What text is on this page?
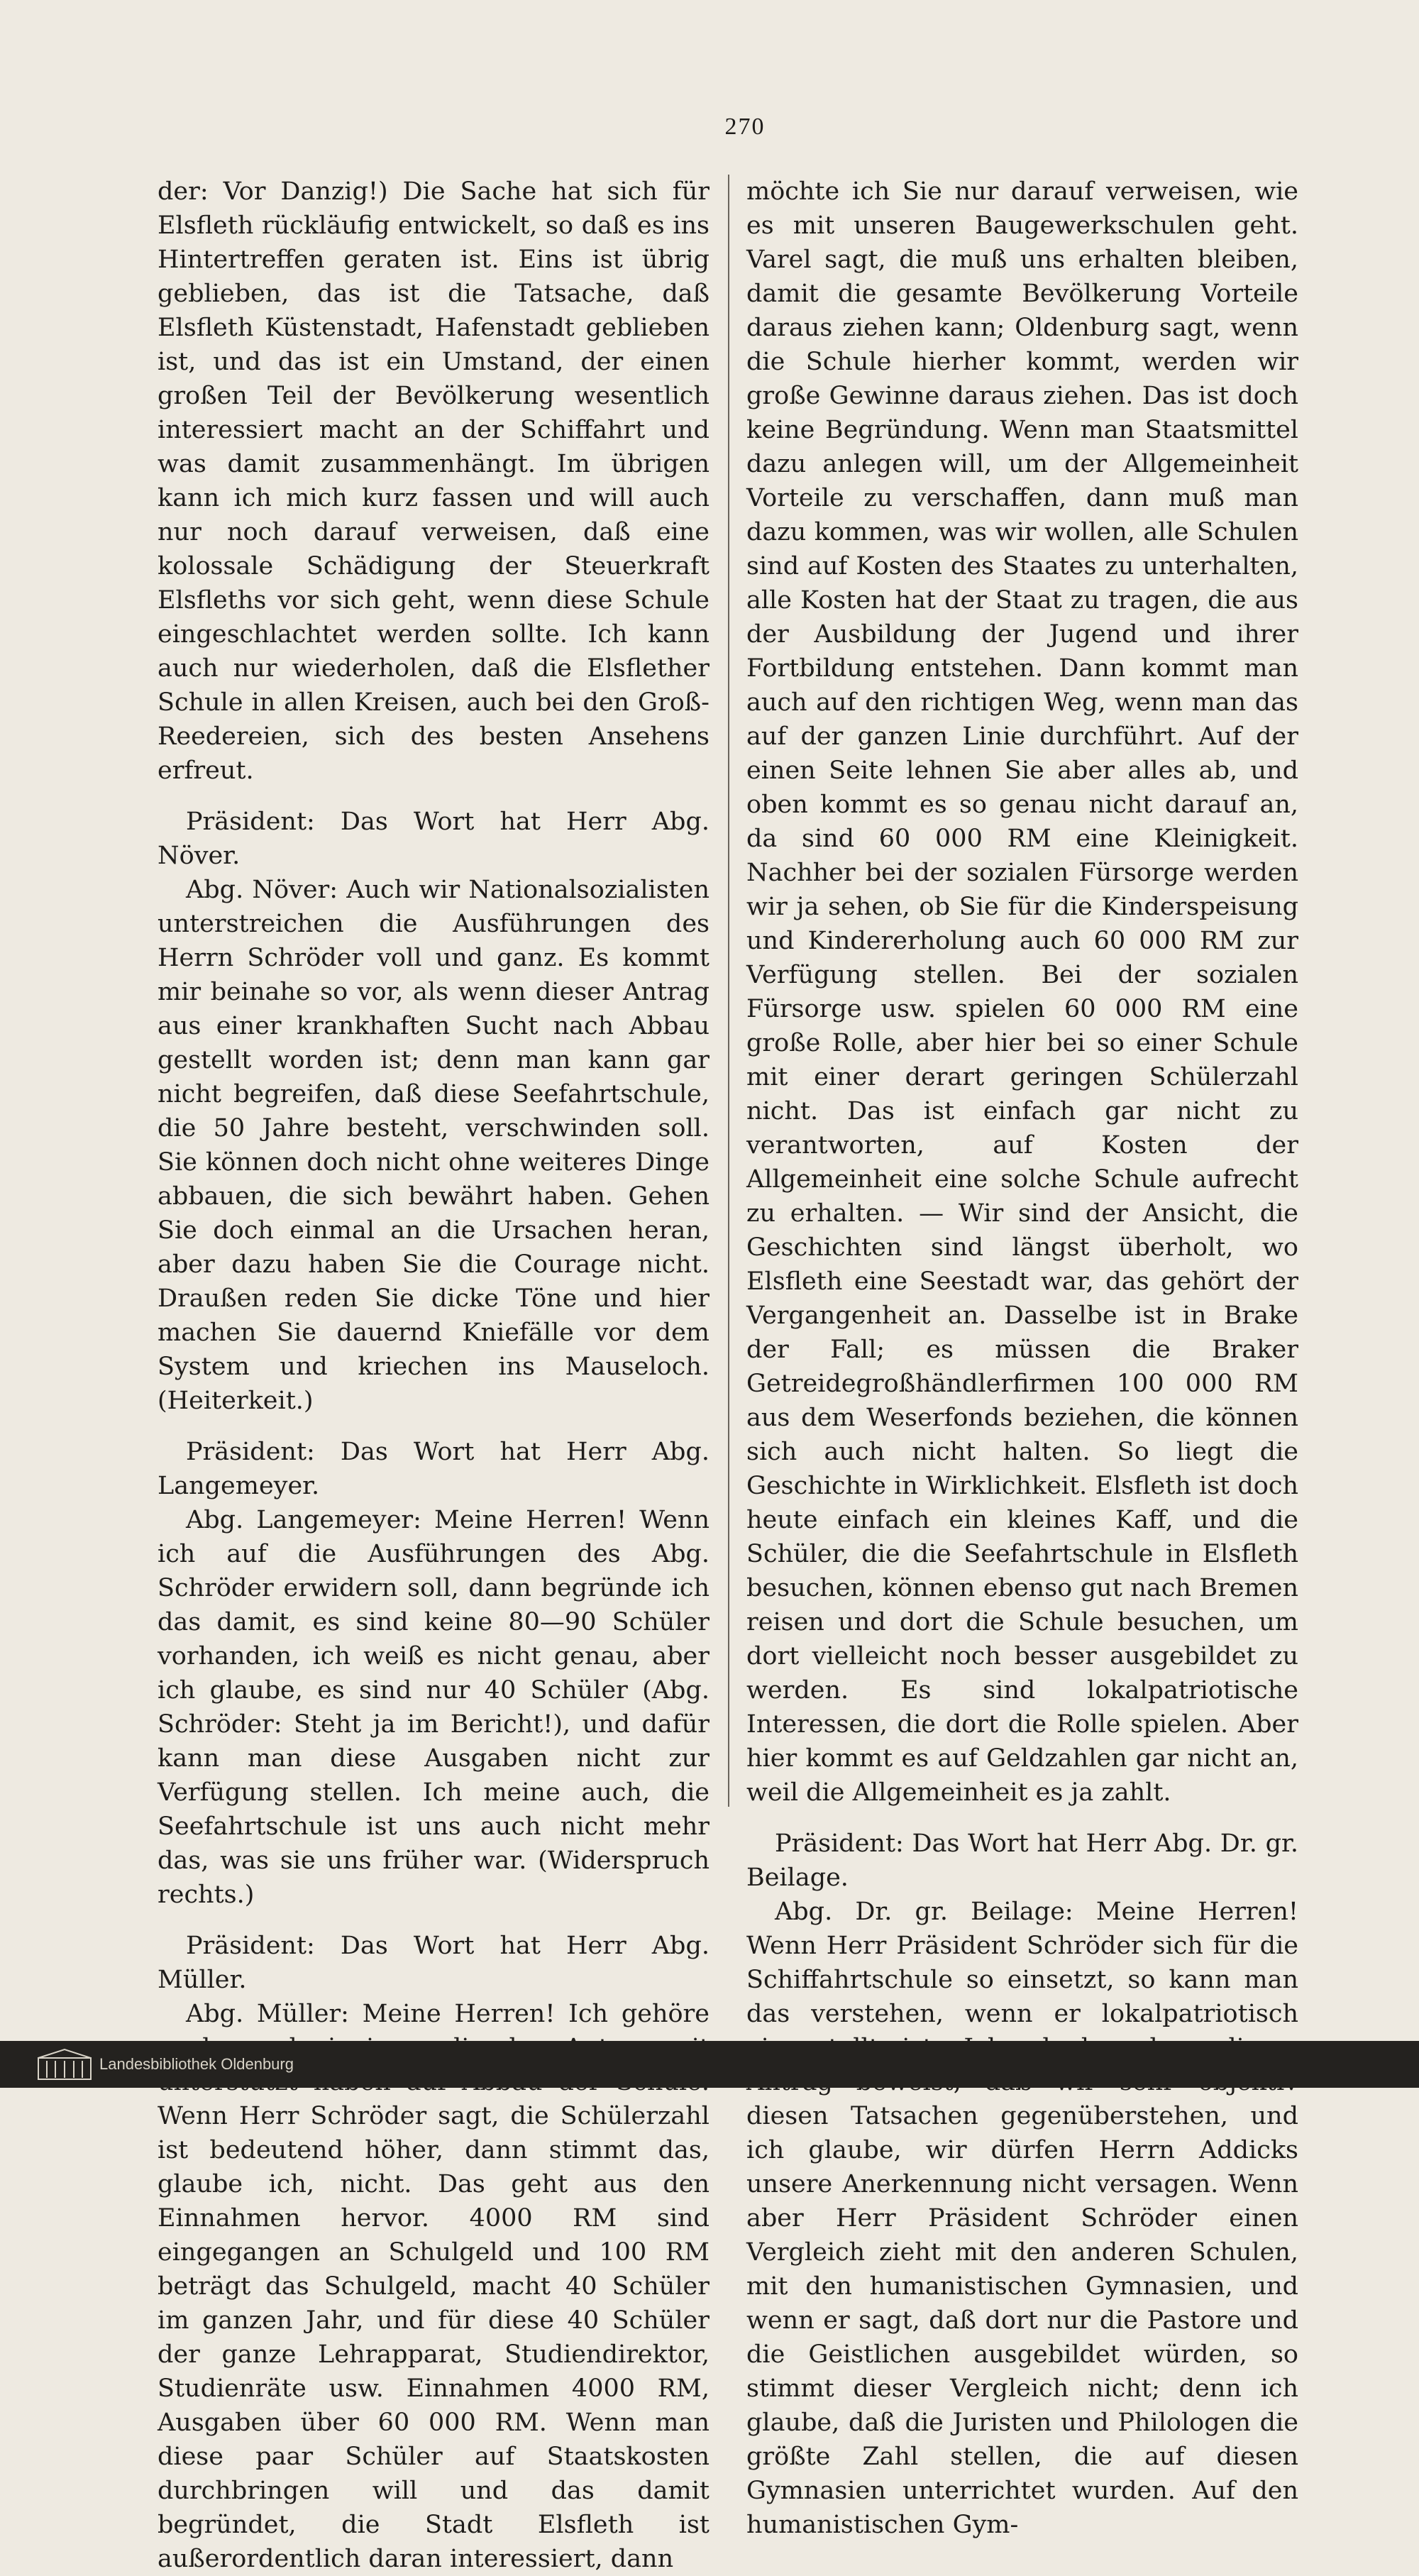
270

der: Vor Danzig!) Die Sache hat sich für Elsfleth rückläufig entwickelt, so daß es ins Hintertreffen geraten ist. Eins ist übrig geblieben, das ist die Tatsache, daß Elsfleth Küstenstadt, Hafenstadt geblieben ist, und das ist ein Umstand, der einen großen Teil der Bevölkerung wesentlich interessiert macht an der Schiffahrt und was damit zusammenhängt. Im übrigen kann ich mich kurz fassen und will auch nur noch darauf verweisen, daß eine kolossale Schädigung der Steuerkraft Elsfleths vor sich geht, wenn diese Schule eingeschlachtet werden sollte. Ich kann auch nur wiederholen, daß die Elsflether Schule in allen Kreisen, auch bei den Groß-Reedereien, sich des besten Ansehens erfreut.

Präsident: Das Wort hat Herr Abg. Növer.

Abg. Növer: Auch wir Nationalsozialisten unterstreichen die Ausführungen des Herrn Schröder voll und ganz. Es kommt mir beinahe so vor, als wenn dieser Antrag aus einer krankhaften Sucht nach Abbau gestellt worden ist; denn man kann gar nicht begreifen, daß diese Seefahrtschule, die 50 Jahre besteht, verschwinden soll. Sie können doch nicht ohne weiteres Dinge abbauen, die sich bewährt haben. Gehen Sie doch einmal an die Ursachen heran, aber dazu haben Sie die Courage nicht. Draußen reden Sie dicke Töne und hier machen Sie dauernd Kniefälle vor dem System und kriechen ins Mauseloch. (Heiterkeit.)

Präsident: Das Wort hat Herr Abg. Langemeyer.

Abg. Langemeyer: Meine Herren! Wenn ich auf die Ausführungen des Abg. Schröder erwidern soll, dann begründe ich das damit, es sind keine 80—90 Schüler vorhanden, ich weiß es nicht genau, aber ich glaube, es sind nur 40 Schüler (Abg. Schröder: Steht ja im Bericht!), und dafür kann man diese Ausgaben nicht zur Verfügung stellen. Ich meine auch, die Seefahrtschule ist uns auch nicht mehr das, was sie uns früher war. (Widerspruch rechts.)

Präsident: Das Wort hat Herr Abg. Müller.

Abg. Müller: Meine Herren! Ich gehöre Wenn Herr Schröder sagt, die Schülerzahl ist bedeutend höher, dann stimmt das, glaube ich, nicht. Das geht aus den Einnahmen hervor. 4000 RM sind eingegangen an Schulgeld und 100 RM beträgt das Schulgeld, macht 40 Schüler im ganzen Jahr, und für diese 40 Schüler der ganze Lehrapparat, Studiendirektor, Studienräte usw. Einnahmen 4000 RM, Ausgaben über 60 000 RM. Wenn man diese paar Schüler auf Staatskosten durchbringen will und das damit begründet, die Stadt Elsfleth ist außerordentlich daran interessiert, dann

möchte ich Sie nur darauf verweisen, wie es mit unseren Baugewerkschulen geht. Varel sagt, die muß uns erhalten bleiben, damit die gesamte Bevölkerung Vorteile daraus ziehen kann; Oldenburg sagt, wenn die Schule hierher kommt, werden wir große Gewinne daraus ziehen. Das ist doch keine Begründung. Wenn man Staatsmittel dazu anlegen will, um der Allgemeinheit Vorteile zu verschaffen, dann muß man dazu kommen, was wir wollen, alle Schulen sind auf Kosten des Staates zu unterhalten, alle Kosten hat der Staat zu tragen, die aus der Ausbildung der Jugend und ihrer Fortbildung entstehen. Dann kommt man auch auf den richtigen Weg, wenn man das auf der ganzen Linie durchführt. Auf der einen Seite lehnen Sie aber alles ab, und oben kommt es so genau nicht darauf an, da sind 60 000 RM eine Kleinigkeit. Nachher bei der sozialen Fürsorge werden wir ja sehen, ob Sie für die Kinderspeisung und Kindererholung auch 60 000 RM zur Verfügung stellen. Bei der sozialen Fürsorge usw. spielen 60 000 RM eine große Rolle, aber hier bei so einer Schule mit einer derart geringen Schülerzahl nicht. Das ist einfach gar nicht zu verantworten, auf Kosten der Allgemeinheit eine solche Schule aufrecht zu erhalten. — Wir sind der Ansicht, die Geschichten sind längst überholt, wo Elsfleth eine Seestadt war, das gehört der Vergangenheit an. Dasselbe ist in Brake der Fall; es müssen die Braker Getreidegroßhändlerfirmen 100 000 RM aus dem Weserfonds beziehen, die können sich auch nicht halten. So liegt die Geschichte in Wirklichkeit. Elsfleth ist doch heute einfach ein kleines Kaff, und die Schüler, die die Seefahrtschule in Elsfleth besuchen, können ebenso gut nach Bremen reisen und dort die Schule besuchen, um dort vielleicht noch besser ausgebildet zu werden. Es sind lokalpatriotische Interessen, die dort die Rolle spielen. Aber hier kommt es auf Geldzahlen gar nicht an, weil die Allgemeinheit es ja zahlt.

Präsident: Das Wort hat Herr Abg. Dr. gr. Beilage.

Abg. Dr. gr. Beilage: Meine Herren! Wenn Herr Präsident Schröder sich für die Schiffahrtschule so einsetzt, so kann man das verstehen, wenn er lokalpatriotisch diesen Tatsachen gegenüberstehen, und ich glaube, wir dürfen Herrn Addicks unsere Anerkennung nicht versagen. Wenn aber Herr Präsident Schröder einen Vergleich zieht mit den anderen Schulen, mit den humanistischen Gymnasien, und wenn er sagt, daß dort nur die Pastore und die Geistlichen ausgebildet würden, so stimmt dieser Vergleich nicht; denn ich glaube, daß die Juristen und Philologen die größte Zahl stellen, die auf diesen Gymnasien unterrichtet wurden. Auf den humanistischen Gym-

Landesbibliothek Oldenburg
